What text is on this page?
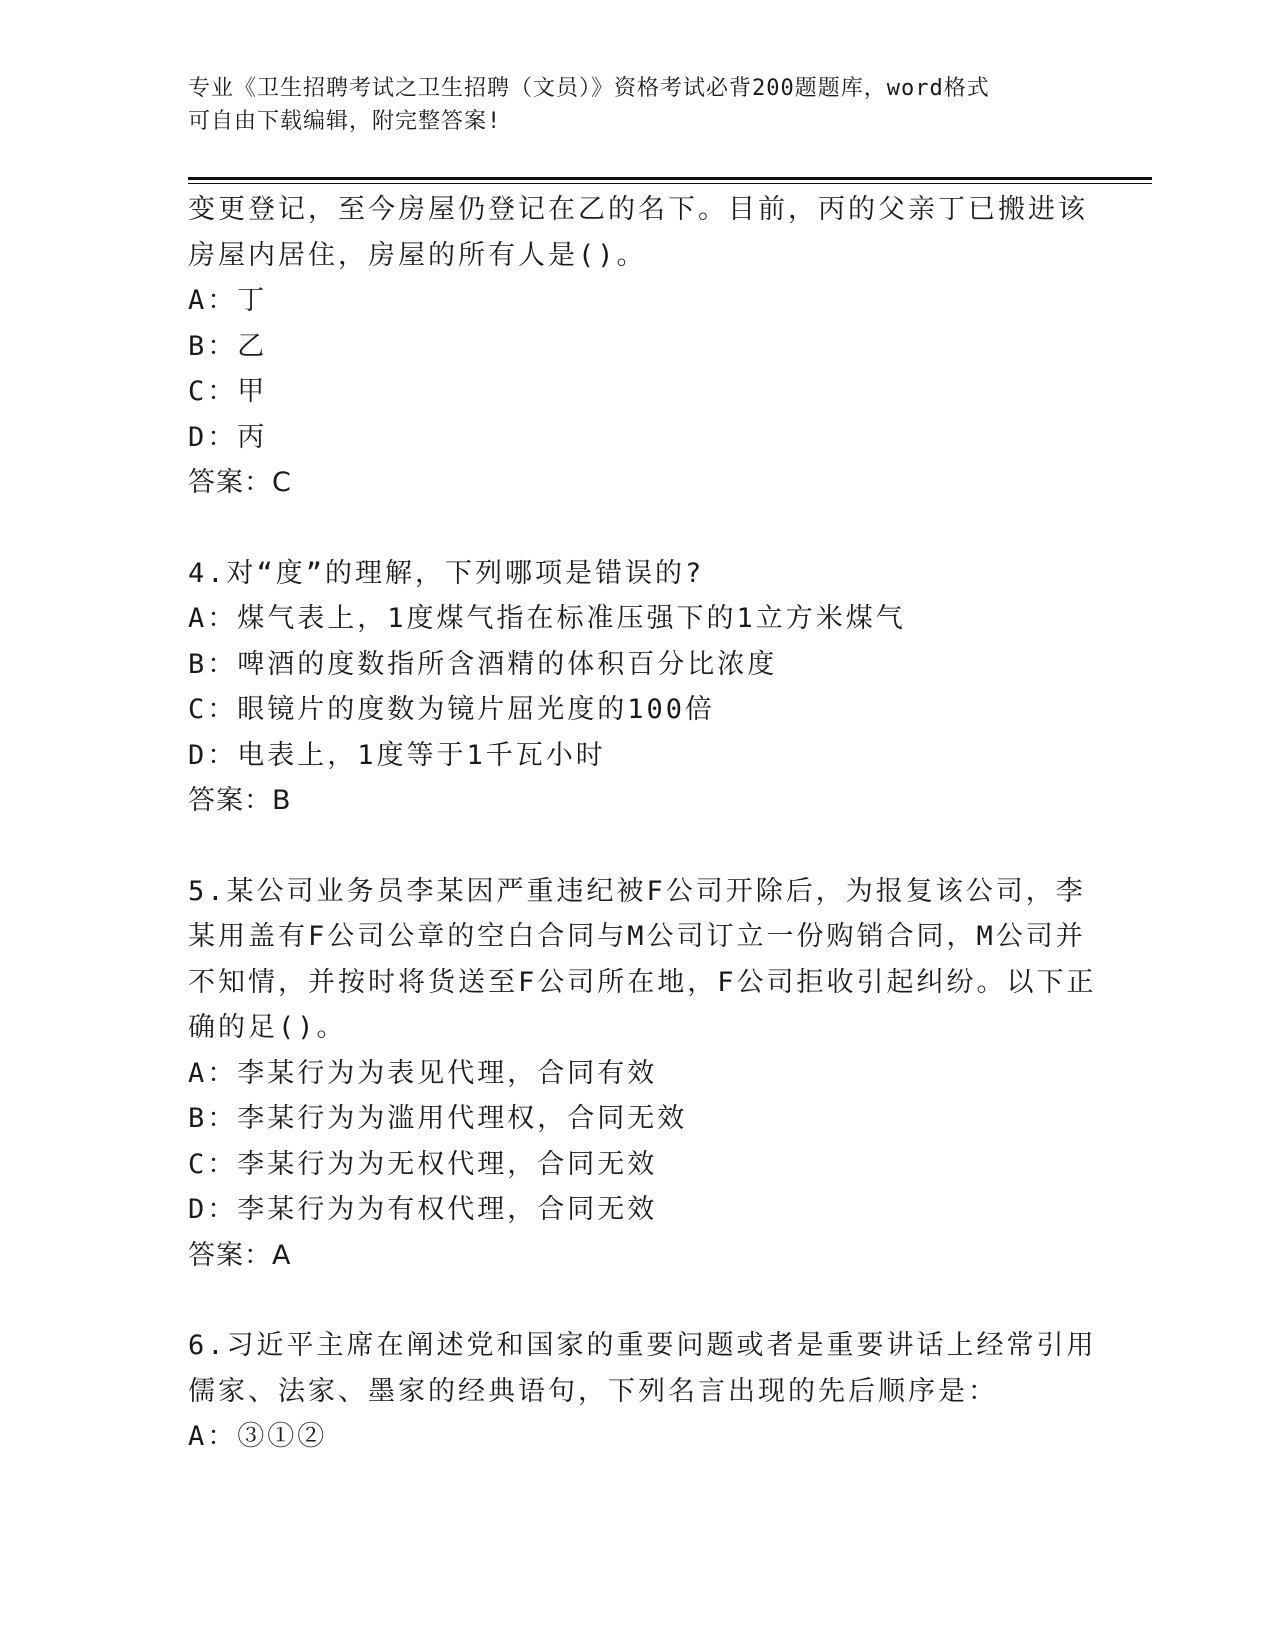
专业《卫生招聘考试之卫生招聘（文员）》资格考试必背200题题库，word格式
可自由下载编辑，附完整答案!
变更登记，至今房屋仍登记在乙的名下。目前，丙的父亲丁已搬进该
房屋内居住，房屋的所有人是()。
A：丁
B：乙
C：甲
D：丙
答案：C
4.对“度”的理解，下列哪项是错误的?
A：煤气表上，1度煤气指在标准压强下的1立方米煤气
B：啤酒的度数指所含酒精的体积百分比浓度
C：眼镜片的度数为镜片屈光度的100倍
D：电表上，1度等于1千瓦小时
答案：B
5.某公司业务员李某因严重违纪被F公司开除后，为报复该公司，李
某用盖有F公司公章的空白合同与M公司订立一份购销合同，M公司并
不知情，并按时将货送至F公司所在地，F公司拒收引起纠纷。以下正
确的足()。
A：李某行为为表见代理，合同有效
B：李某行为为滥用代理权，合同无效
C：李某行为为无权代理，合同无效
D：李某行为为有权代理，合同无效
答案：A
6.习近平主席在阐述党和国家的重要问题或者是重要讲话上经常引用
儒家、法家、墨家的经典语句，下列名言出现的先后顺序是：
A：③①②
